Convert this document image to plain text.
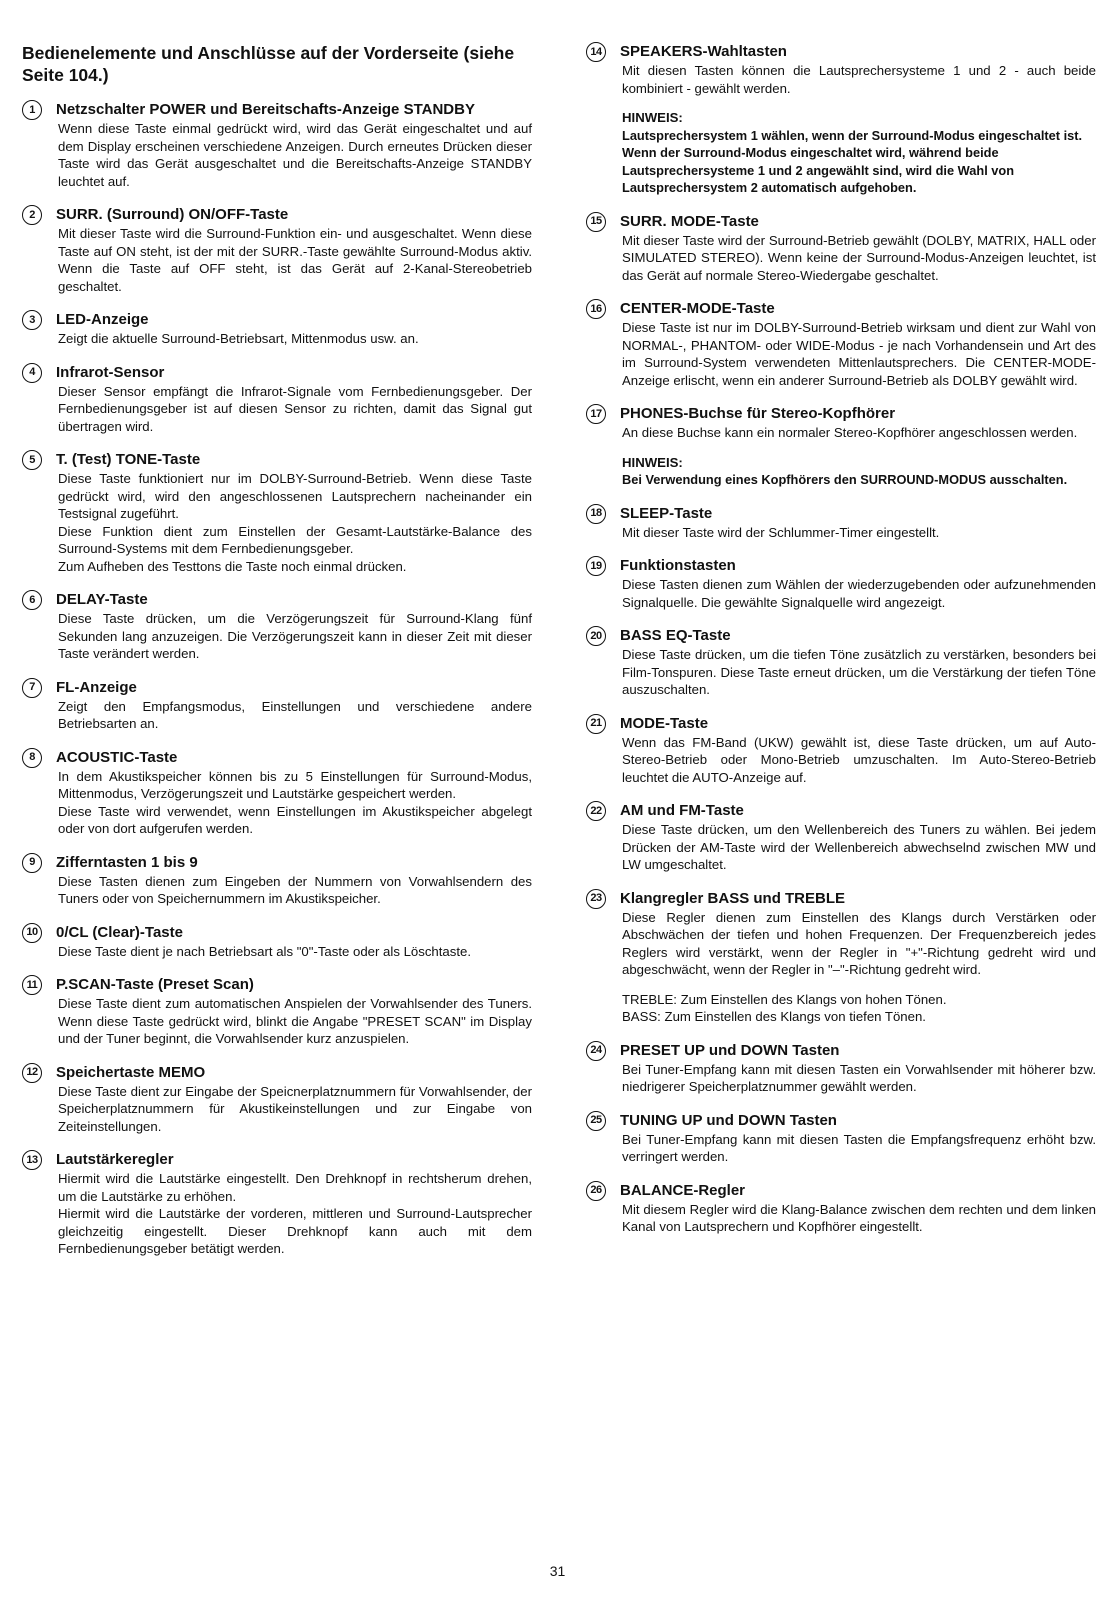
Bedienelemente und Anschlüsse auf der Vorderseite (siehe Seite 104.)
1	Netzschalter POWER und Bereitschafts-Anzeige STANDBY

Wenn diese Taste einmal gedrückt wird, wird das Gerät eingeschaltet und auf dem Display erscheinen verschiedene Anzeigen. Durch erneutes Drücken dieser Taste wird das Gerät ausgeschaltet und die Bereitschafts-Anzeige STANDBY leuchtet auf.

2	SURR. (Surround) ON/OFF-Taste

Mit dieser Taste wird die Surround-Funktion ein- und ausgeschaltet. Wenn diese Taste auf ON steht, ist der mit der SURR.-Taste gewählte Surround-Modus aktiv. Wenn die Taste auf OFF steht, ist das Gerät auf 2-Kanal-Stereobetrieb geschaltet.

3	LED-Anzeige

Zeigt die aktuelle Surround-Betriebsart, Mittenmodus usw. an.

4	Infrarot-Sensor

Dieser Sensor empfängt die Infrarot-Signale vom Fernbedienungsgeber. Der Fernbedienungsgeber ist auf diesen Sensor zu richten, damit das Signal gut übertragen wird.

5	T. (Test) TONE-Taste

Diese Taste funktioniert nur im DOLBY-Surround-Betrieb. Wenn diese Taste gedrückt wird, wird den angeschlossenen Lautsprechern nacheinander ein Testsignal zugeführt.

Diese Funktion dient zum Einstellen der Gesamt-Lautstärke-Balance des Surround-Systems mit dem Fernbedienungsgeber.

Zum Aufheben des Testtons die Taste noch einmal drücken.

6	DELAY-Taste

Diese Taste drücken, um die Verzögerungszeit für Surround-Klang fünf Sekunden lang anzuzeigen. Die Verzögerungszeit kann in dieser Zeit mit dieser Taste verändert werden.

7	FL-Anzeige

Zeigt den Empfangsmodus, Einstellungen und verschiedene andere Betriebsarten an.

8	ACOUSTIC-Taste

In dem Akustikspeicher können bis zu 5 Einstellungen für Surround-Modus, Mittenmodus, Verzögerungszeit und Lautstärke gespeichert werden.

Diese Taste wird verwendet, wenn Einstellungen im Akustikspeicher abgelegt oder von dort aufgerufen werden.

9	Zifferntasten 1 bis 9

Diese Tasten dienen zum Eingeben der Nummern von Vorwahlsendern des Tuners oder von Speichernummern im Akustikspeicher.

10 0/CL (Clear)-Taste

Diese Taste dient je nach Betriebsart als "0"-Taste oder als Löschtaste.

11	P.SCAN-Taste (Preset Scan)

Diese Taste dient zum automatischen Anspielen der Vorwahlsender des Tuners. Wenn diese Taste gedrückt wird, blinkt die Angabe "PRESET SCAN" im Display und der Tuner beginnt, die Vorwahlsender kurz anzuspielen.

12 Speichertaste MEMO

Diese Taste dient zur Eingabe der Speicnerplatznummern für Vorwahlsender, der Speicherplatznummern für Akustikeinstellungen und zur Eingabe von Zeiteinstellungen.

13 Lautstärkeregler

Hiermit wird die Lautstärke eingestellt. Den Drehknopf in rechtsherum drehen, um die Lautstärke zu erhöhen.

Hiermit wird die Lautstärke der vorderen, mittleren und Surround-Lautsprecher gleichzeitig eingestellt. Dieser Drehknopf kann auch mit dem Fernbedienungsgeber betätigt werden.

14 SPEAKERS-Wahltasten

Mit diesen Tasten können die Lautsprechersysteme 1 und 2 - auch beide kombiniert - gewählt werden.

HINWEIS:
Lautsprechersystem 1 wählen, wenn der Surround-Modus eingeschaltet ist.
Wenn der Surround-Modus eingeschaltet wird, während beide Lautsprechersysteme 1 und 2 angewählt sind, wird die Wahl von Lautsprechersystem 2 automatisch aufgehoben.
15 SURR. MODE-Taste

Mit dieser Taste wird der Surround-Betrieb gewählt (DOLBY, MATRIX, HALL oder SIMULATED STEREO). Wenn keine der Surround-Modus-Anzeigen leuchtet, ist das Gerät auf normale Stereo-Wiedergabe geschaltet.

16 CENTER-MODE-Taste

Diese Taste ist nur im DOLBY-Surround-Betrieb wirksam und dient zur Wahl von NORMAL-, PHANTOM- oder WIDE-Modus - je nach Vorhandensein und Art des im Surround-System verwendeten Mittenlautsprechers. Die CENTER-MODE-Anzeige erlischt, wenn ein anderer Surround-Betrieb als DOLBY gewählt wird.

17 PHONES-Buchse für Stereo-Kopfhörer

An diese Buchse kann ein normaler Stereo-Kopfhörer angeschlossen werden.

HINWEIS:
Bei Verwendung eines Kopfhörers den SURROUND-MODUS ausschalten.
18 SLEEP-Taste

Mit dieser Taste wird der Schlummer-Timer eingestellt.

19 Funktionstasten

Diese Tasten dienen zum Wählen der wiederzugebenden oder aufzunehmenden Signalquelle. Die gewählte Signalquelle wird angezeigt.

20 BASS EQ-Taste

Diese Taste drücken, um die tiefen Töne zusätzlich zu verstärken, besonders bei Film-Tonspuren. Diese Taste erneut drücken, um die Verstärkung der tiefen Töne auszuschalten.

21 MODE-Taste

Wenn das FM-Band (UKW) gewählt ist, diese Taste drücken, um auf Auto-Stereo-Betrieb oder Mono-Betrieb umzuschalten. Im Auto-Stereo-Betrieb leuchtet die AUTO-Anzeige auf.

22 AM und FM-Taste

Diese Taste drücken, um den Wellenbereich des Tuners zu wählen. Bei jedem Drücken der AM-Taste wird der Wellenbereich abwechselnd zwischen MW und LW umgeschaltet.

23 Klangregler BASS und TREBLE

Diese Regler dienen zum Einstellen des Klangs durch Verstärken oder Abschwächen der tiefen und hohen Frequenzen. Der Frequenzbereich jedes Reglers wird verstärkt, wenn der Regler in "+"-Richtung gedreht wird und abgeschwächt, wenn der Regler in "–"-Richtung gedreht wird.

TREBLE: Zum Einstellen des Klangs von hohen Tönen.

BASS: Zum Einstellen des Klangs von tiefen Tönen.

24 PRESET UP und DOWN Tasten

Bei Tuner-Empfang kann mit diesen Tasten ein Vorwahlsender mit höherer bzw. niedrigerer Speicherplatznummer gewählt werden.

25 TUNING UP und DOWN Tasten

Bei Tuner-Empfang kann mit diesen Tasten die Empfangsfrequenz erhöht bzw. verringert werden.

26 BALANCE-Regler

Mit diesem Regler wird die Klang-Balance zwischen dem rechten und dem linken Kanal von Lautsprechern und Kopfhörer eingestellt.

31
